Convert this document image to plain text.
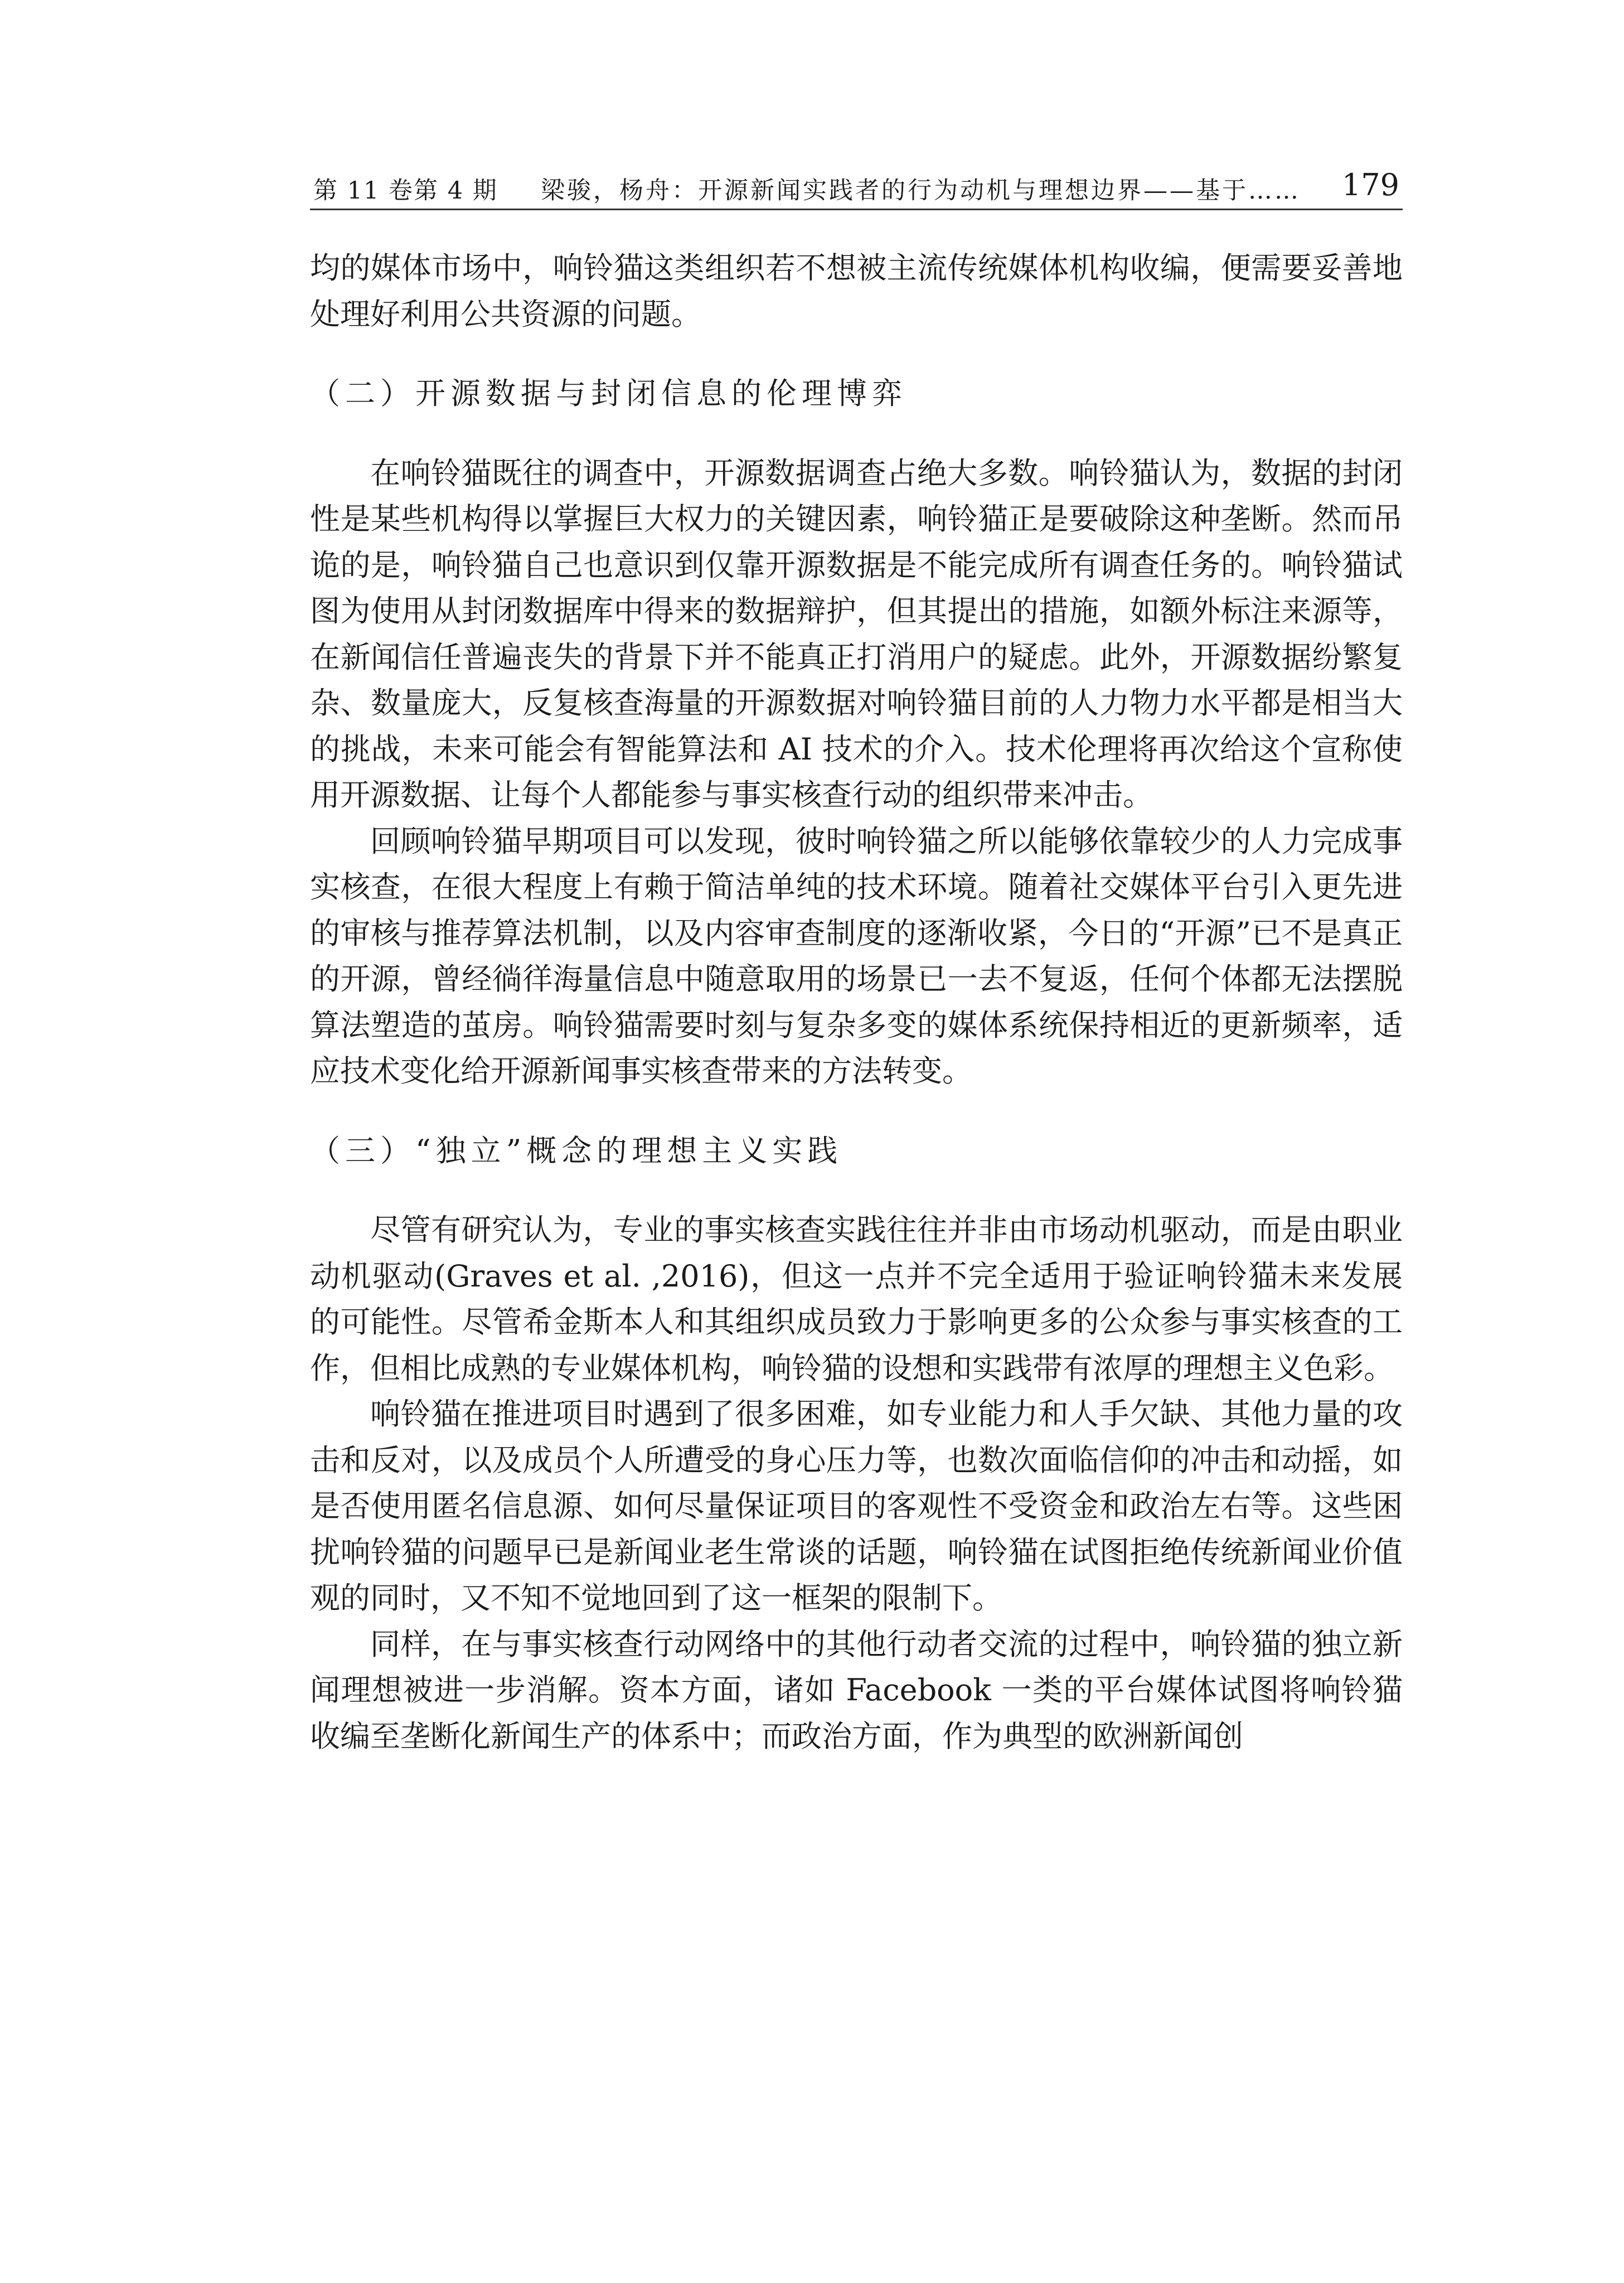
第 11 卷第 4 期 梁骏，杨舟：开源新闻实践者的行为动机与理想边界——基于…… 179

均的媒体市场中，响铃猫这类组织若不想被主流传统媒体机构收编，便需要妥善地处理好利用公共资源的问题。

（二）开源数据与封闭信息的伦理博弈

在响铃猫既往的调查中，开源数据调查占绝大多数。响铃猫认为，数据的封闭性是某些机构得以掌握巨大权力的关键因素，响铃猫正是要破除这种垄断。然而吊诡的是，响铃猫自己也意识到仅靠开源数据是不能完成所有调查任务的。响铃猫试图为使用从封闭数据库中得来的数据辩护，但其提出的措施，如额外标注来源等，在新闻信任普遍丧失的背景下并不能真正打消用户的疑虑。此外，开源数据纷繁复杂、数量庞大，反复核查海量的开源数据对响铃猫目前的人力物力水平都是相当大的挑战，未来可能会有智能算法和 AI 技术的介入。技术伦理将再次给这个宣称使用开源数据、让每个人都能参与事实核查行动的组织带来冲击。

回顾响铃猫早期项目可以发现，彼时响铃猫之所以能够依靠较少的人力完成事实核查，在很大程度上有赖于简洁单纯的技术环境。随着社交媒体平台引入更先进的审核与推荐算法机制，以及内容审查制度的逐渐收紧，今日的“开源”已不是真正的开源，曾经徜徉海量信息中随意取用的场景已一去不复返，任何个体都无法摆脱算法塑造的茧房。响铃猫需要时刻与复杂多变的媒体系统保持相近的更新频率，适应技术变化给开源新闻事实核查带来的方法转变。

（三）“独立”概念的理想主义实践

尽管有研究认为，专业的事实核查实践往往并非由市场动机驱动，而是由职业动机驱动(Graves et al. ,2016)，但这一点并不完全适用于验证响铃猫未来发展的可能性。尽管希金斯本人和其组织成员致力于影响更多的公众参与事实核查的工作，但相比成熟的专业媒体机构，响铃猫的设想和实践带有浓厚的理想主义色彩。

响铃猫在推进项目时遇到了很多困难，如专业能力和人手欠缺、其他力量的攻击和反对，以及成员个人所遭受的身心压力等，也数次面临信仰的冲击和动摇，如是否使用匿名信息源、如何尽量保证项目的客观性不受资金和政治左右等。这些困扰响铃猫的问题早已是新闻业老生常谈的话题，响铃猫在试图拒绝传统新闻业价值观的同时，又不知不觉地回到了这一框架的限制下。

同样，在与事实核查行动网络中的其他行动者交流的过程中，响铃猫的独立新闻理想被进一步消解。资本方面，诸如 Facebook 一类的平台媒体试图将响铃猫收编至垄断化新闻生产的体系中；而政治方面，作为典型的欧洲新闻创
